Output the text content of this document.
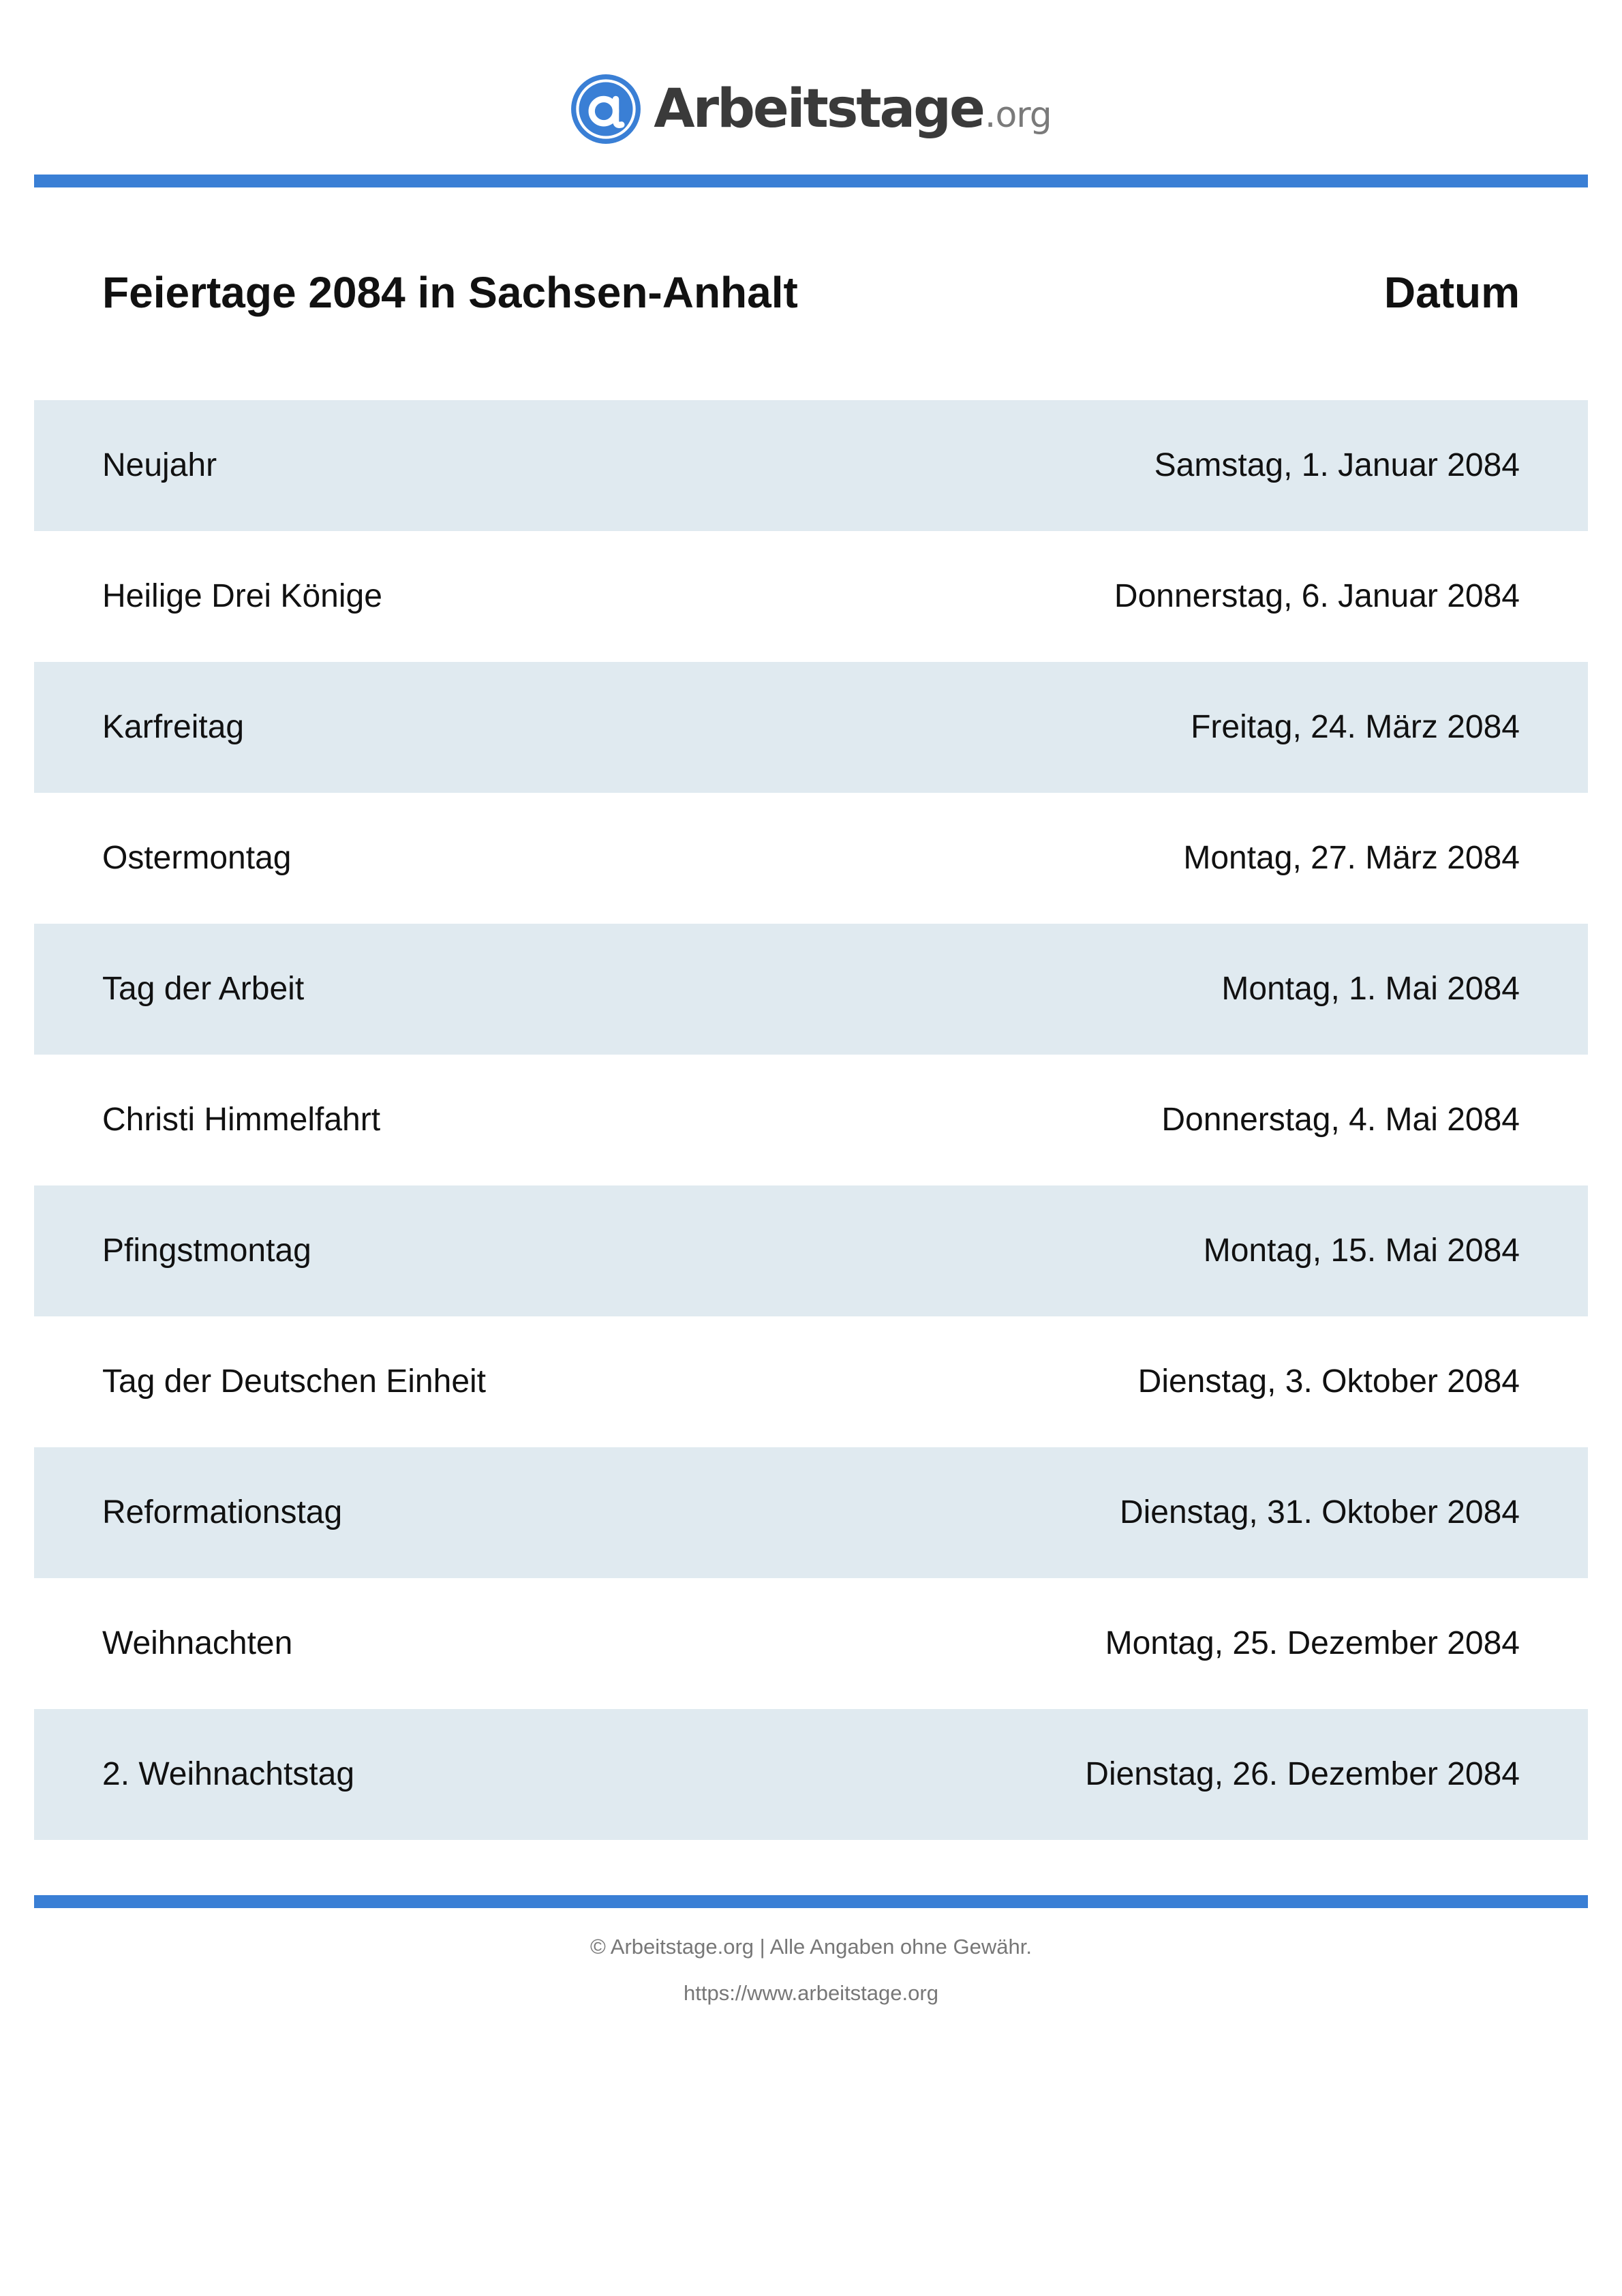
Arbeitstage .org
Feiertage 2084 in Sachsen-Anhalt	Datum
Neujahr	Samstag, 1. Januar 2084
Heilige Drei Könige	Donnerstag, 6. Januar 2084
Karfreitag	Freitag, 24. März 2084
Ostermontag	Montag, 27. März 2084
Tag der Arbeit	Montag, 1. Mai 2084
Christi Himmelfahrt	Donnerstag, 4. Mai 2084
Pfingstmontag	Montag, 15. Mai 2084
Tag der Deutschen Einheit	Dienstag, 3. Oktober 2084
Reformationstag	Dienstag, 31. Oktober 2084
Weihnachten	Montag, 25. Dezember 2084
2. Weihnachtstag	Dienstag, 26. Dezember 2084
© Arbeitstage.org | Alle Angaben ohne Gewähr.
https://www.arbeitstage.org
